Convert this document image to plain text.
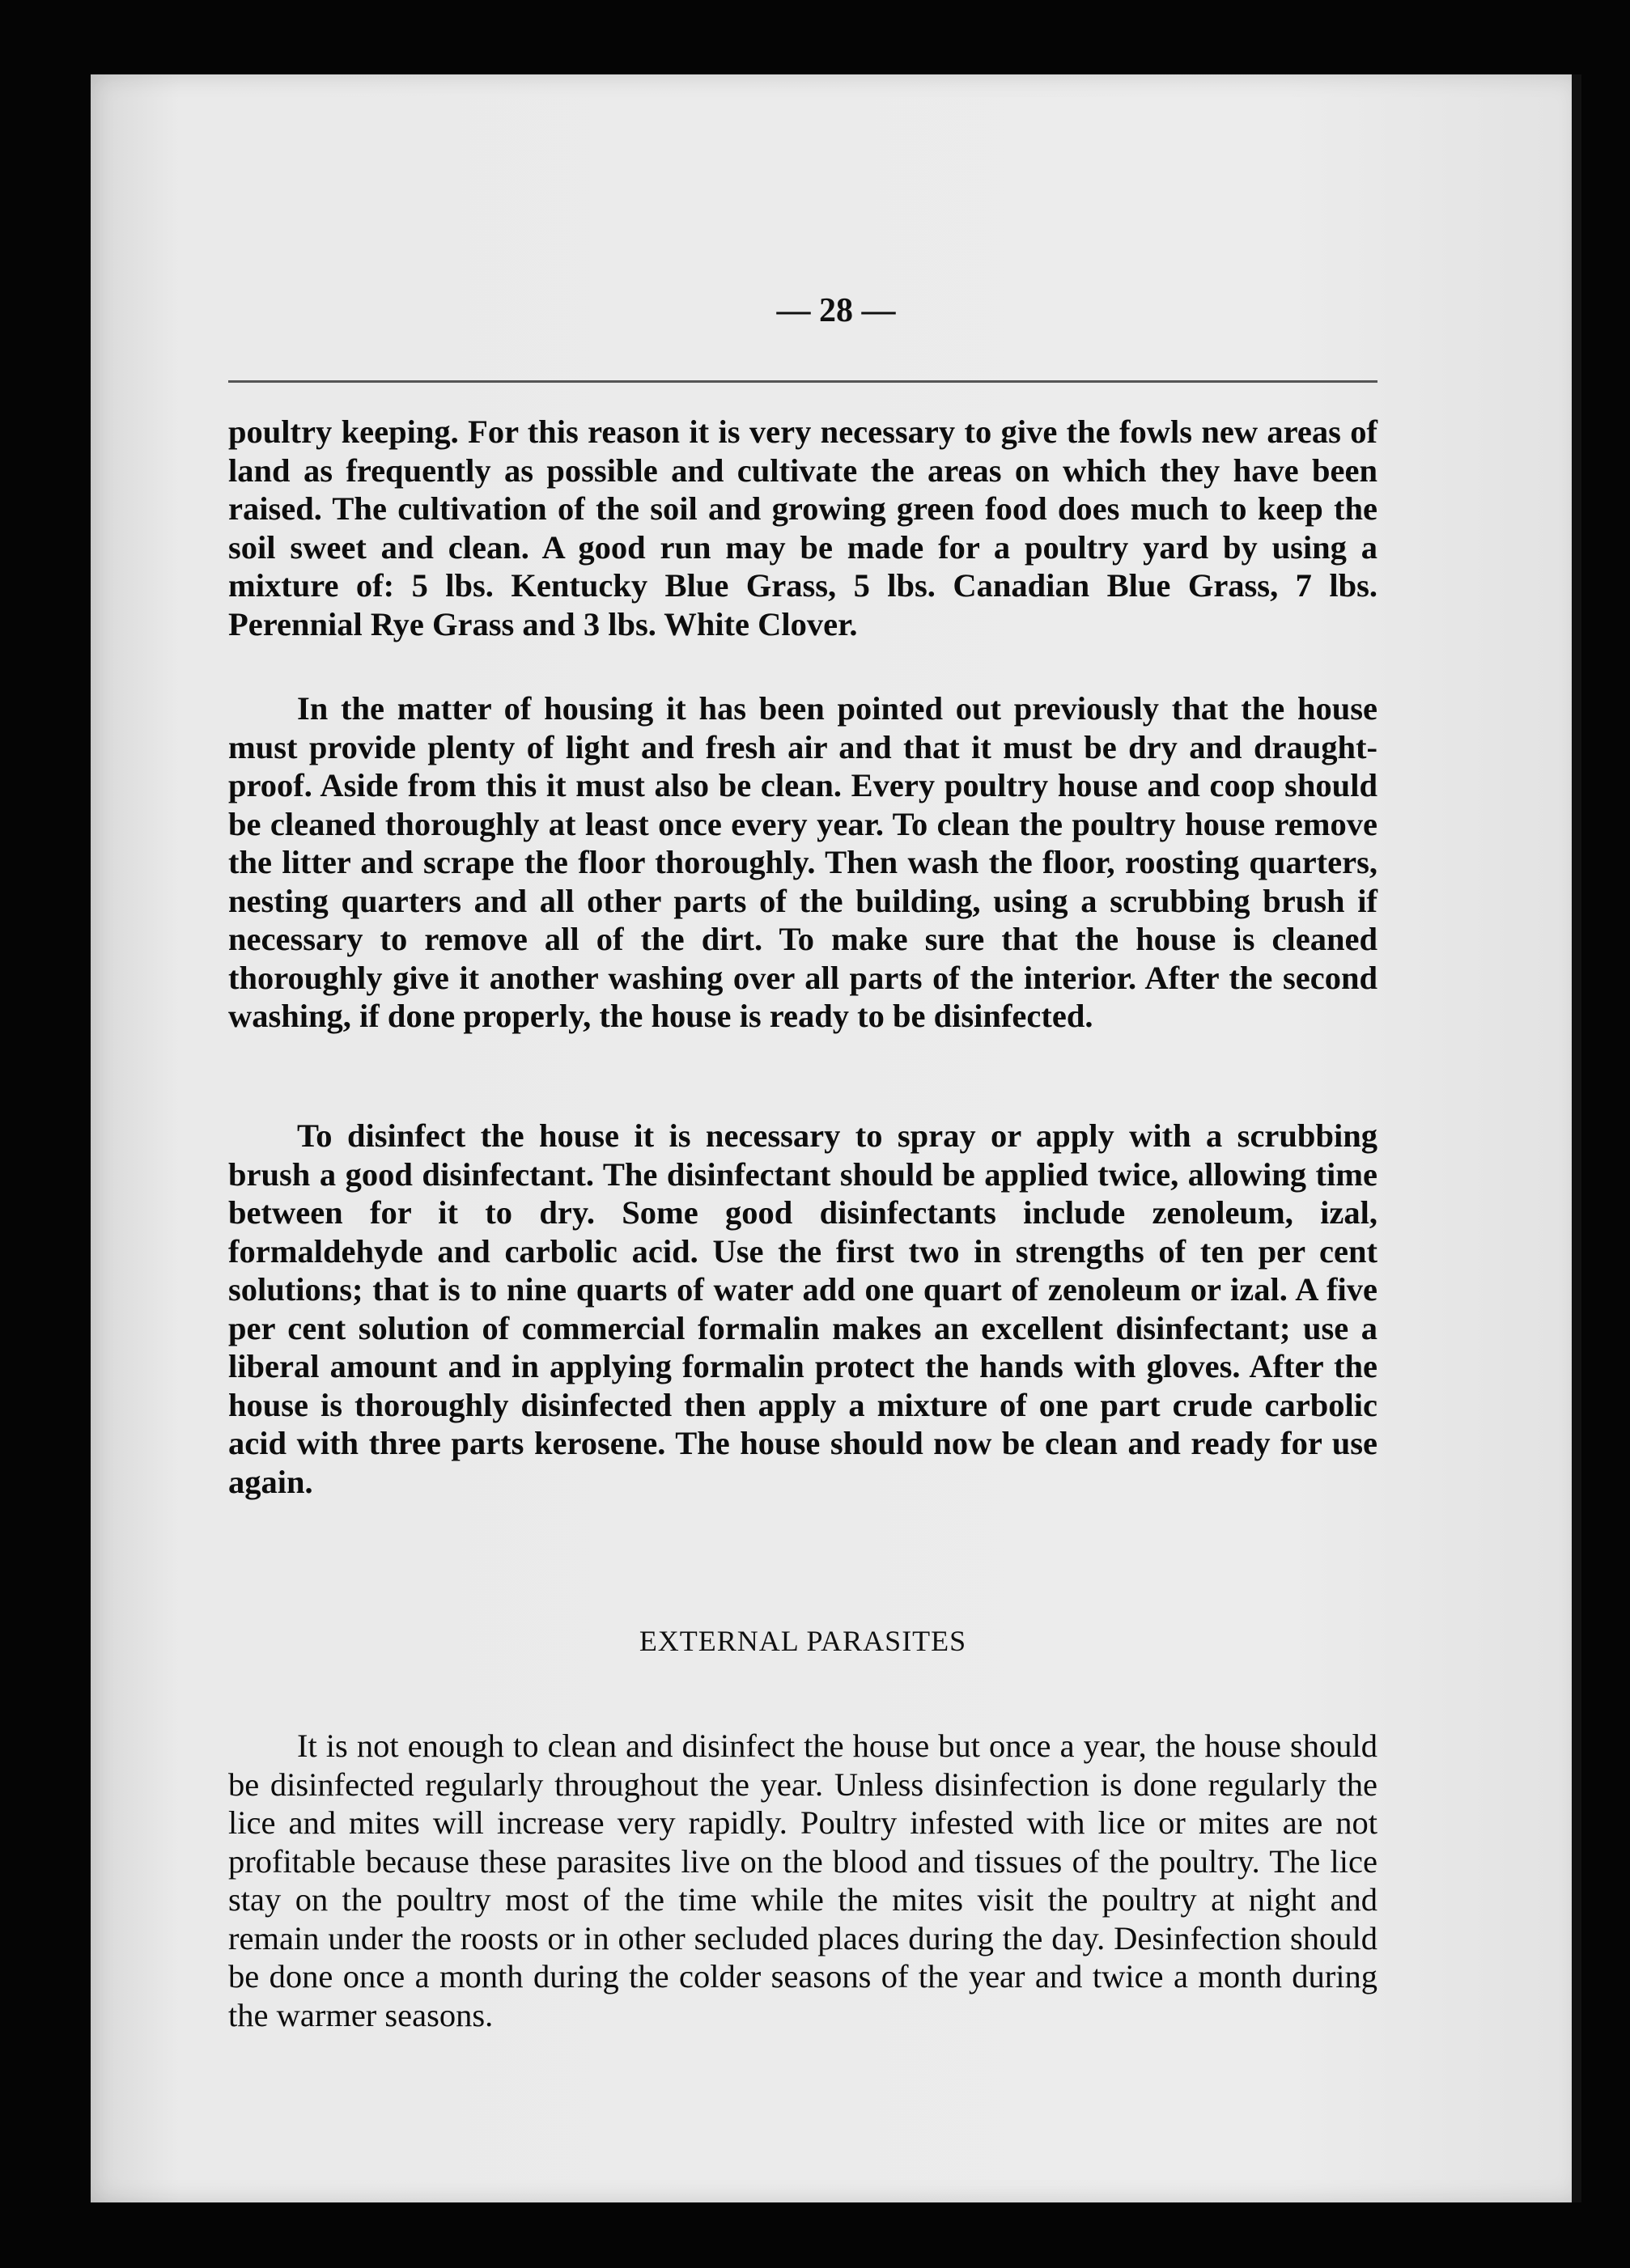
— 28 —

poultry keeping. For this reason it is very necessary to give the fowls new areas of land as frequently as possible and cultivate the areas on which they have been raised. The cultivation of the soil and growing green food does much to keep the soil sweet and clean. A good run may be made for a poultry yard by using a mixture of: 5 lbs. Kentucky Blue Grass, 5 lbs. Canadian Blue Grass, 7 lbs. Perennial Rye Grass and 3 lbs. White Clover.

In the matter of housing it has been pointed out previously that the house must provide plenty of light and fresh air and that it must be dry and draught-proof. Aside from this it must also be clean. Every poultry house and coop should be cleaned thoroughly at least once every year. To clean the poultry house remove the litter and scrape the floor thoroughly. Then wash the floor, roosting quarters, nesting quarters and all other parts of the building, using a scrubbing brush if necessary to remove all of the dirt. To make sure that the house is cleaned thoroughly give it another washing over all parts of the interior. After the second washing, if done properly, the house is ready to be disinfected.

To disinfect the house it is necessary to spray or apply with a scrubbing brush a good disinfectant. The disinfectant should be applied twice, allowing time between for it to dry. Some good disinfectants include zenoleum, izal, formaldehyde and carbolic acid. Use the first two in strengths of ten per cent solutions; that is to nine quarts of water add one quart of zenoleum or izal. A five per cent solution of commercial formalin makes an excellent disinfectant; use a liberal amount and in applying formalin protect the hands with gloves. After the house is thoroughly disinfected then apply a mixture of one part crude carbolic acid with three parts kerosene. The house should now be clean and ready for use again.

EXTERNAL PARASITES

It is not enough to clean and disinfect the house but once a year, the house should be disinfected regularly throughout the year. Unless disinfection is done regularly the lice and mites will increase very rapidly. Poultry infested with lice or mites are not profitable because these parasites live on the blood and tissues of the poultry. The lice stay on the poultry most of the time while the mites visit the poultry at night and remain under the roosts or in other secluded places during the day. Desinfection should be done once a month during the colder seasons of the year and twice a month during the warmer seasons.
